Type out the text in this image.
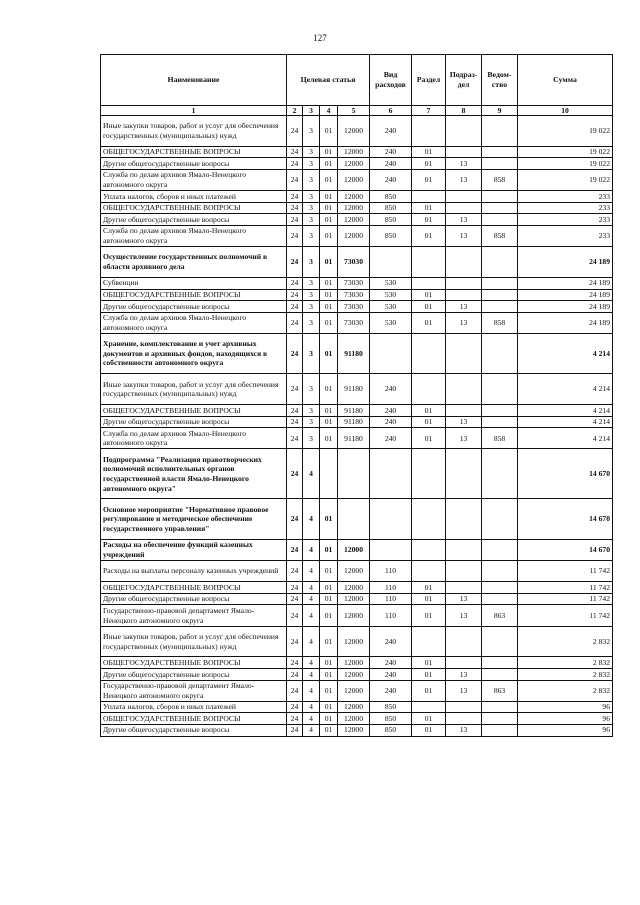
127
Наименование	Целевая статья				Вид расходов	Раздел	Подраз-дел	Ведом-ство	Сумма
1	2	3	4	5	6	7	8	9	10
Иные закупки товаров, работ и услуг для обеспечения государственных (муниципальных) нужд	24	3	01	12000	240				19 022
ОБЩЕГОСУДАРСТВЕННЫЕ ВОПРОСЫ	24	3	01	12000	240	01			19 022
Другие общегосударственные вопросы	24	3	01	12000	240	01	13		19 022
Служба по делам архивов Ямало-Ненецкого автономного округа	24	3	01	12000	240	01	13	858	19 022
Уплата налогов, сборов и иных платежей	24	3	01	12000	850				233
ОБЩЕГОСУДАРСТВЕННЫЕ ВОПРОСЫ	24	3	01	12000	850	01			233
Другие общегосударственные вопросы	24	3	01	12000	850	01	13		233
Служба по делам архивов Ямало-Ненецкого автономного округа	24	3	01	12000	850	01	13	858	233
Осуществление государственных полномочий в области архивного дела	24	3	01	73030					24 189
Субвенции	24	3	01	73030	530				24 189
ОБЩЕГОСУДАРСТВЕННЫЕ ВОПРОСЫ	24	3	01	73030	530	01			24 189
Другие общегосударственные вопросы	24	3	01	73030	530	01	13		24 189
Служба по делам архивов Ямало-Ненецкого автономного округа	24	3	01	73030	530	01	13	858	24 189
Хранение, комплектование и учет архивных документов и архивных фондов, находящихся в собственности автономного округа	24	3	01	91180					4 214
Иные закупки товаров, работ и услуг для обеспечения государственных (муниципальных) нужд	24	3	01	91180	240				4 214
ОБЩЕГОСУДАРСТВЕННЫЕ ВОПРОСЫ	24	3	01	91180	240	01			4 214
Другие общегосударственные вопросы	24	3	01	91180	240	01	13		4 214
Служба по делам архивов Ямало-Ненецкого автономного округа	24	3	01	91180	240	01	13	858	4 214
Подпрограмма "Реализация правотворческих полномочий исполнительных органов государственной власти Ямало-Ненецкого автономного округа"	24	4							14 670
Основное мероприятие "Нормативное правовое регулирование и методическое обеспечение государственного управления"	24	4	01						14 670
Расходы на обеспечение функций казенных учреждений	24	4	01	12000					14 670
Расходы на выплаты персоналу казенных учреждений	24	4	01	12000	110				11 742
ОБЩЕГОСУДАРСТВЕННЫЕ ВОПРОСЫ	24	4	01	12000	110	01			11 742
Другие общегосударственные вопросы	24	4	01	12000	110	01	13		11 742
Государственно-правовой департамент Ямало-Ненецкого автономного округа	24	4	01	12000	110	01	13	863	11 742
Иные закупки товаров, работ и услуг для обеспечения государственных (муниципальных) нужд	24	4	01	12000	240				2 832
ОБЩЕГОСУДАРСТВЕННЫЕ ВОПРОСЫ	24	4	01	12000	240	01			2 832
Другие общегосударственные вопросы	24	4	01	12000	240	01	13		2 832
Государственно-правовой департамент Ямало-Ненецкого автономного округа	24	4	01	12000	240	01	13	863	2 832
Уплата налогов, сборов и иных платежей	24	4	01	12000	850				96
ОБЩЕГОСУДАРСТВЕННЫЕ ВОПРОСЫ	24	4	01	12000	850	01			96
Другие общегосударственные вопросы	24	4	01	12000	850	01	13		96
